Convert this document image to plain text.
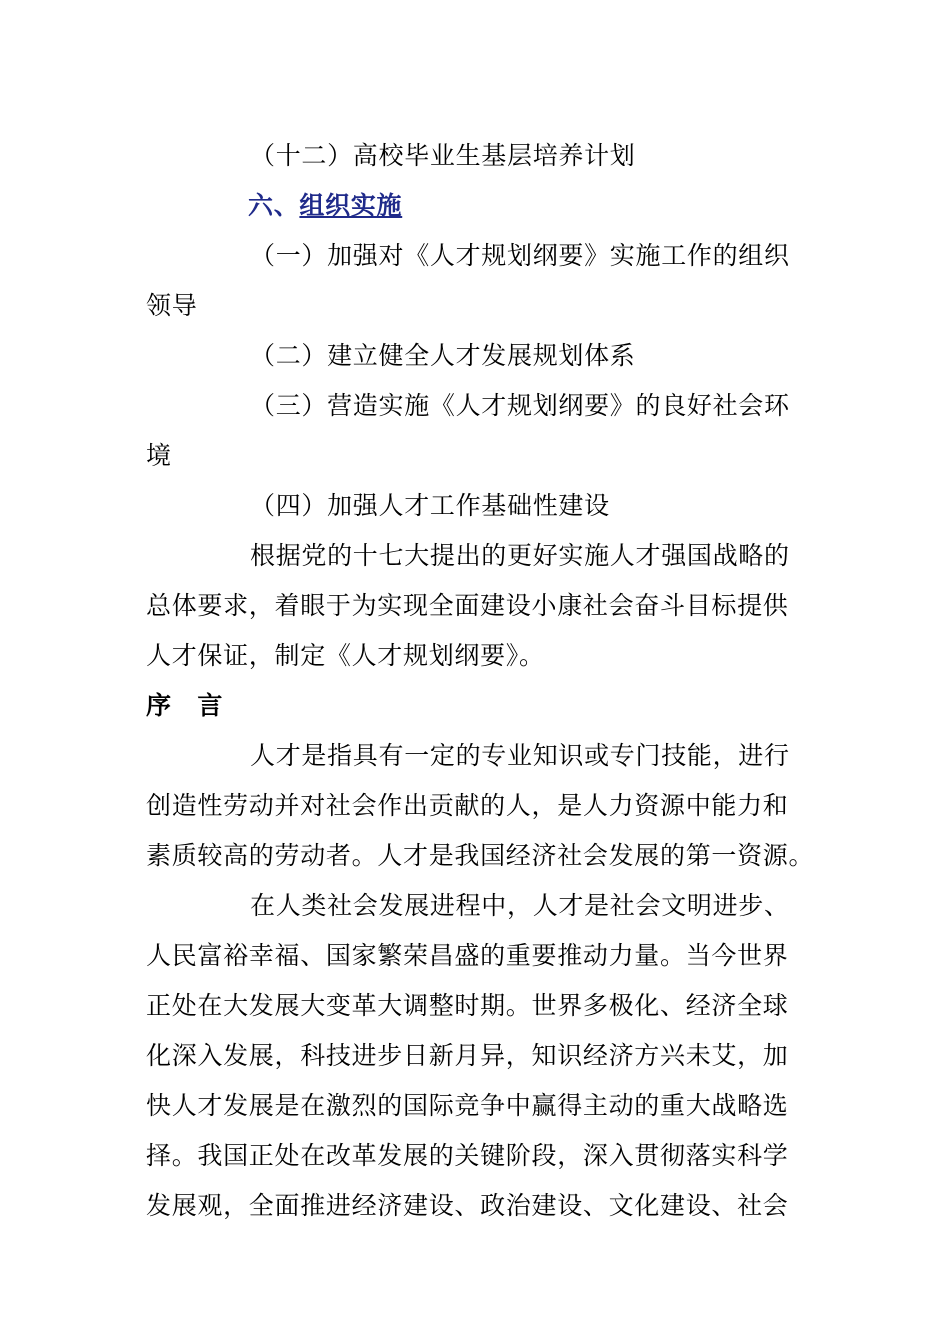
（十二）高校毕业生基层培养计划
六、组织实施
（一）加强对《人才规划纲要》实施工作的组织
领导
（二）建立健全人才发展规划体系
（三）营造实施《人才规划纲要》的良好社会环
境
（四）加强人才工作基础性建设
根据党的十七大提出的更好实施人才强国战略的
总体要求，着眼于为实现全面建设小康社会奋斗目标提供
人才保证，制定《人才规划纲要》。
序　言
人才是指具有一定的专业知识或专门技能，进行
创造性劳动并对社会作出贡献的人，是人力资源中能力和
素质较高的劳动者。人才是我国经济社会发展的第一资源。
在人类社会发展进程中，人才是社会文明进步、
人民富裕幸福、国家繁荣昌盛的重要推动力量。当今世界
正处在大发展大变革大调整时期。世界多极化、经济全球
化深入发展，科技进步日新月异，知识经济方兴未艾，加
快人才发展是在激烈的国际竞争中赢得主动的重大战略选
择。我国正处在改革发展的关键阶段，深入贯彻落实科学
发展观，全面推进经济建设、政治建设、文化建设、社会
